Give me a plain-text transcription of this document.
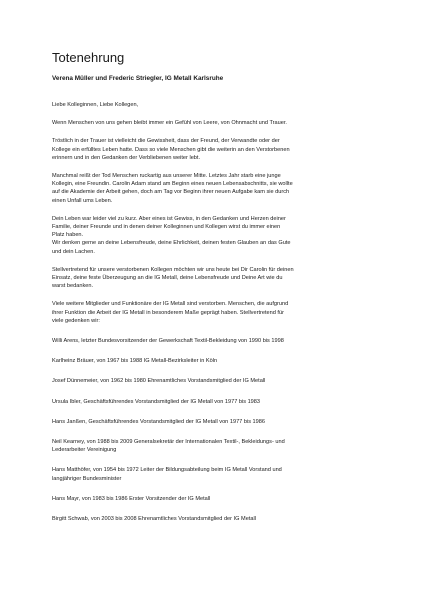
Totenehrung
Verena Müller und Frederic Striegler, IG Metall Karlsruhe
Liebe Kolleginnen, Liebe Kollegen,
Wenn Menschen von uns gehen bleibt immer ein Gefühl von Leere, von Ohnmacht und Trauer.
Tröstlich in der Trauer ist vielleicht die Gewissheit, dass der Freund, der Verwandte oder der
Kollege ein erfülltes Leben hatte. Dass so viele Menschen gibt die weiterin an den Verstorbenen
erinnern und in den Gedanken der Verbliebenen weiter lebt.
Manchmal reißt der Tod Menschen ruckartig aus unserer Mitte. Letztes Jahr starb eine junge
Kollegin, eine Freundin. Carolin Adam stand am Beginn eines neuen Lebensabschnitts, sie wollte
auf die Akademie der Arbeit gehen, doch am Tag vor Beginn ihrer neuen Aufgabe kam sie durch
einen Unfall ums Leben.
Dein Leben war leider viel zu kurz. Aber eines ist Gewiss, in den Gedanken und Herzen deiner
Familie, deiner Freunde und in denen deiner Kolleginnen und Kollegen wirst du immer einen
Platz haben.
Wir denken gerne an deine Lebensfreude, deine Ehrlichkeit, deinen festen Glauben an das Gute
und dein Lachen.
Stellvertretend für unsere verstorbenen Kollegen möchten wir uns heute bei Dir Carolin für deinen
Einsatz, deine feste Überzeugung an die IG Metall, deine Lebensfreude und Deine Art wie du
warst bedanken.
Viele weitere Mitglieder und Funktionäre der IG Metall sind verstorben. Menschen, die aufgrund
ihrer Funktion die Arbeit der IG Metall in besonderem Maße geprägt haben. Stellvertretend für
viele gedenken wir:
Willi Arens, letzter Bundesvorsitzender der Gewerkschaft Textil-Bekleidung von 1990 bis 1998
Karlheinz Bräuer, von 1967 bis 1988 IG Metall-Bezirksleiter in Köln
Josef Dünnemeier, von 1962 bis 1980 Ehrenamtliches Vorstandsmitglied der IG Metall
Ursula Ibler, Geschäftsführendes Vorstandsmitglied der IG Metall von 1977 bis 1983
Hans Janßen, Geschäftsführendes Vorstandsmitglied der IG Metall von 1977 bis 1986
Neil Kearney, von 1988 bis 2009 Generalsekretär der Internationalen Textil-, Bekleidungs- und
Lederarbeiter Vereinigung
Hans Matthöfer, von 1954 bis 1972 Leiter der Bildungsabteilung beim IG Metall Vorstand und
langjähriger Bundesminister
Hans Mayr, von 1983 bis 1986 Erster Vorsitzender der IG Metall
Birgitt Schwab, von 2003 bis 2008 Ehrenamtliches Vorstandsmitglied der IG Metall
